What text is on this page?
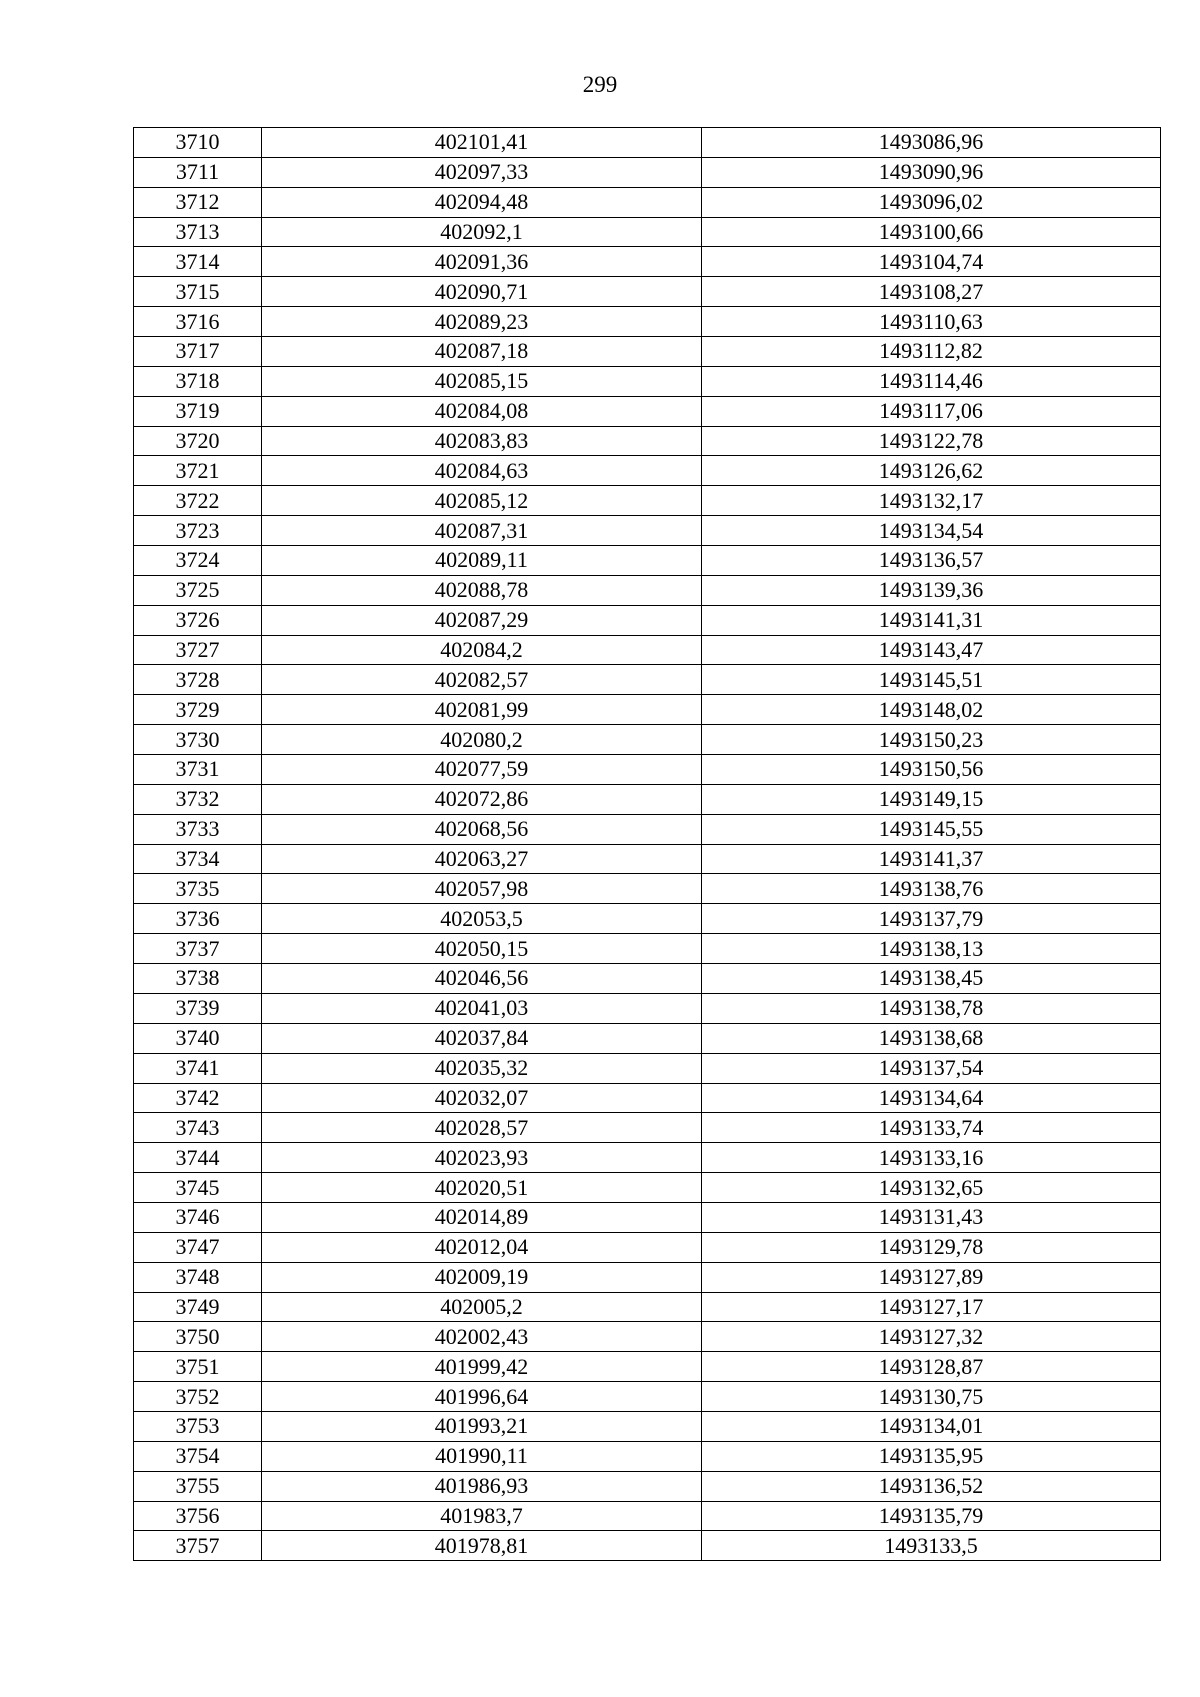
299
3710	402101,41	1493086,96
3711	402097,33	1493090,96
3712	402094,48	1493096,02
3713	402092,1	1493100,66
3714	402091,36	1493104,74
3715	402090,71	1493108,27
3716	402089,23	1493110,63
3717	402087,18	1493112,82
3718	402085,15	1493114,46
3719	402084,08	1493117,06
3720	402083,83	1493122,78
3721	402084,63	1493126,62
3722	402085,12	1493132,17
3723	402087,31	1493134,54
3724	402089,11	1493136,57
3725	402088,78	1493139,36
3726	402087,29	1493141,31
3727	402084,2	1493143,47
3728	402082,57	1493145,51
3729	402081,99	1493148,02
3730	402080,2	1493150,23
3731	402077,59	1493150,56
3732	402072,86	1493149,15
3733	402068,56	1493145,55
3734	402063,27	1493141,37
3735	402057,98	1493138,76
3736	402053,5	1493137,79
3737	402050,15	1493138,13
3738	402046,56	1493138,45
3739	402041,03	1493138,78
3740	402037,84	1493138,68
3741	402035,32	1493137,54
3742	402032,07	1493134,64
3743	402028,57	1493133,74
3744	402023,93	1493133,16
3745	402020,51	1493132,65
3746	402014,89	1493131,43
3747	402012,04	1493129,78
3748	402009,19	1493127,89
3749	402005,2	1493127,17
3750	402002,43	1493127,32
3751	401999,42	1493128,87
3752	401996,64	1493130,75
3753	401993,21	1493134,01
3754	401990,11	1493135,95
3755	401986,93	1493136,52
3756	401983,7	1493135,79
3757	401978,81	1493133,5
